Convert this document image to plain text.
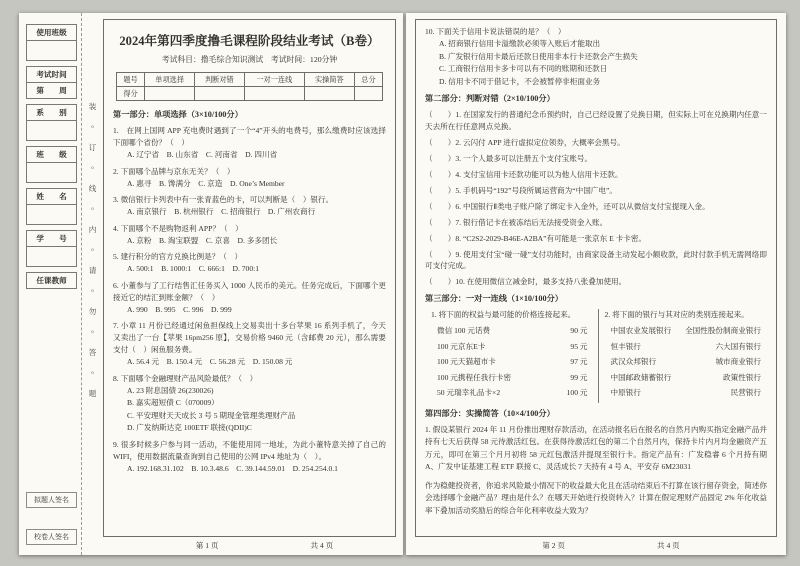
使用班级
考试时间
第　　周
系　　别
班　　级
姓　　名
学　　号
任课教师
拟题人签名
校卷人签名
装
o
订
o
线
o
内
o
请
o
勿
o
答
o
题
2024年第四季度撸毛课程阶段结业考试（B卷）
考试科目：撸毛综合知识测试　考试时间：120分钟
题号	单项选择	判断对错	一对一连线	实操简答	总分
得分					
第一部分：单项选择（3×10/100分）
1.　在网上国网 APP 充电费时遇到了一个“4”开头的电费号，那么缴费时应该选择下面哪个省份？（　）
A. 辽宁省　B. 山东省　C. 河南省　D. 四川省
2. 下面哪个品牌与京东无关？（　）
A. 惠寻　B. 馋满分　C. 京造　D. One’s Member
3. 微信银行卡列表中有一张青蓝色的卡，可以判断是（　）银行。
A. 南京银行　B. 杭州银行　C. 招商银行　D. 广州农商行
4. 下面哪个不是购物返利 APP？（　）
A. 京粉　B. 淘宝联盟　C. 京喜　D. 多多团长
5. 建行积分的官方兑换比例是？（　）
A. 500:1　B. 1000:1　C. 666:1　D. 700:1
6. 小董参与了工行结售汇任务买入 1000 人民币的美元。任务完成后，下面哪个更接近它的结汇到账金额？（　）
A. 990　B. 995　C. 996　D. 999
7. 小章 11 月份已经通过闲鱼担保线上交易卖出十多台苹果 16 系列手机了，今天又卖出了一台【苹果 16pm256 原】，交易价格 9460 元（含邮费 20 元），那么需要支付（　）闲鱼服务费。
A. 56.4 元　B. 150.4 元　C. 56.28 元　D. 150.08 元
8. 下面哪个金融理财产品风险最低？（　）
A. 23 附息国债 26(230026)
B. 嘉实超短债 C（070009）
C. 平安理财天天成长 3 号 5 期现金管理类理财产品
D. 广发纳斯达克 100ETF 联接(QDII)C
9. 很多时候多户参与同一活动，不能使用同一地址，为此小董特意关掉了自己的 WIFI，使用数据流量查询到自己使用的公网 IPv4 地址为（　）。
A. 192.168.31.102　B. 10.3.48.6　C. 39.144.59.01　D. 254.254.0.1
第 1 页	共 4 页
10. 下面关于信用卡说法错误的是？（　）
A. 招商银行信用卡溢缴款必须等入账后才能取出
B. 广发银行信用卡最后还款日使用非本行卡还款会产生损失
C. 工商银行信用卡多卡可以有不同的账期和还款日
D. 信用卡不同于借记卡，不会被暂停非柜面业务
第二部分：判断对错（2×10/100分）
（　　）1. 在国家发行的普通纪念币预约时，自己已经设置了兑换日期，但实际上可在兑换期内任意一天去所在行任意网点兑换。
（　　）2. 云闪付 APP 进行虚拟定位领券，大概率会黑号。
（　　）3. 一个人最多可以注册五个支付宝账号。
（　　）4. 支付宝信用卡还款功能可以为他人信用卡还款。
（　　）5. 手机码号“192”号段所属运营商为“中国广电”。
（　　）6. 中国银行Ⅱ类电子账户除了绑定卡入金外，还可以从微信支付宝提现入金。
（　　）7. 银行借记卡在被冻结后无法接受资金入账。
（　　）8. “C2S2-2029-B46E-A2BA”有可能是一张京东 E 卡卡密。
（　　）9. 使用支付宝“碰一碰”支付功能时，由商家设备主动发起小额收款，此时付款手机无需网络即可支付完成。
（　　）10. 在使用微信立减金时，最多支持八张叠加使用。
第三部分：一对一连线（1×10/100分）
1. 将下面的权益与最可能的价格连接起来。
微信 100 元话费	90 元
100 元京东E卡	95 元
100 元天猫超市卡	97 元
100 元携程任我行卡密	99 元
50 元瑞幸礼品卡×2	100 元
2. 将下面的银行与其对应的类别连接起来。
中国农业发展银行 全国性股份制商业银行
恒丰银行	六大国有银行
武汉众邦银行	城市商业银行
中国邮政储蓄银行	政策性银行
中原银行	民营银行
第四部分：实操简答（10×4/100分）
1. 假设某银行 2024 年 11 月份推出理财存款活动，在活动报名后在报名的自然月内购买指定金融产品并持有七天后获得 58 元待激活红包。在获得待激活红包的第二个自然月内，保持卡片内月均金融资产五万元，即可在第三个月月初将 58 元红包激活并提现至银行卡。指定产品有：广发稳睿 6 个月持有期 A、广发中证基建工程 ETF 联接 C、灵活成长 7 天持有 4 号 A、平安存 6M23031
作为稳健投资者，你追求风险最小情况下的收益最大化且在活动结束后不打算在该行留存资金，简述你会选择哪个金融产品？理由是什么？在哪天开始进行投资转入？计算在假定理财产品固定 2% 年化收益率下叠加活动奖励后的综合年化利率收益大致为？
第 2 页	共 4 页
